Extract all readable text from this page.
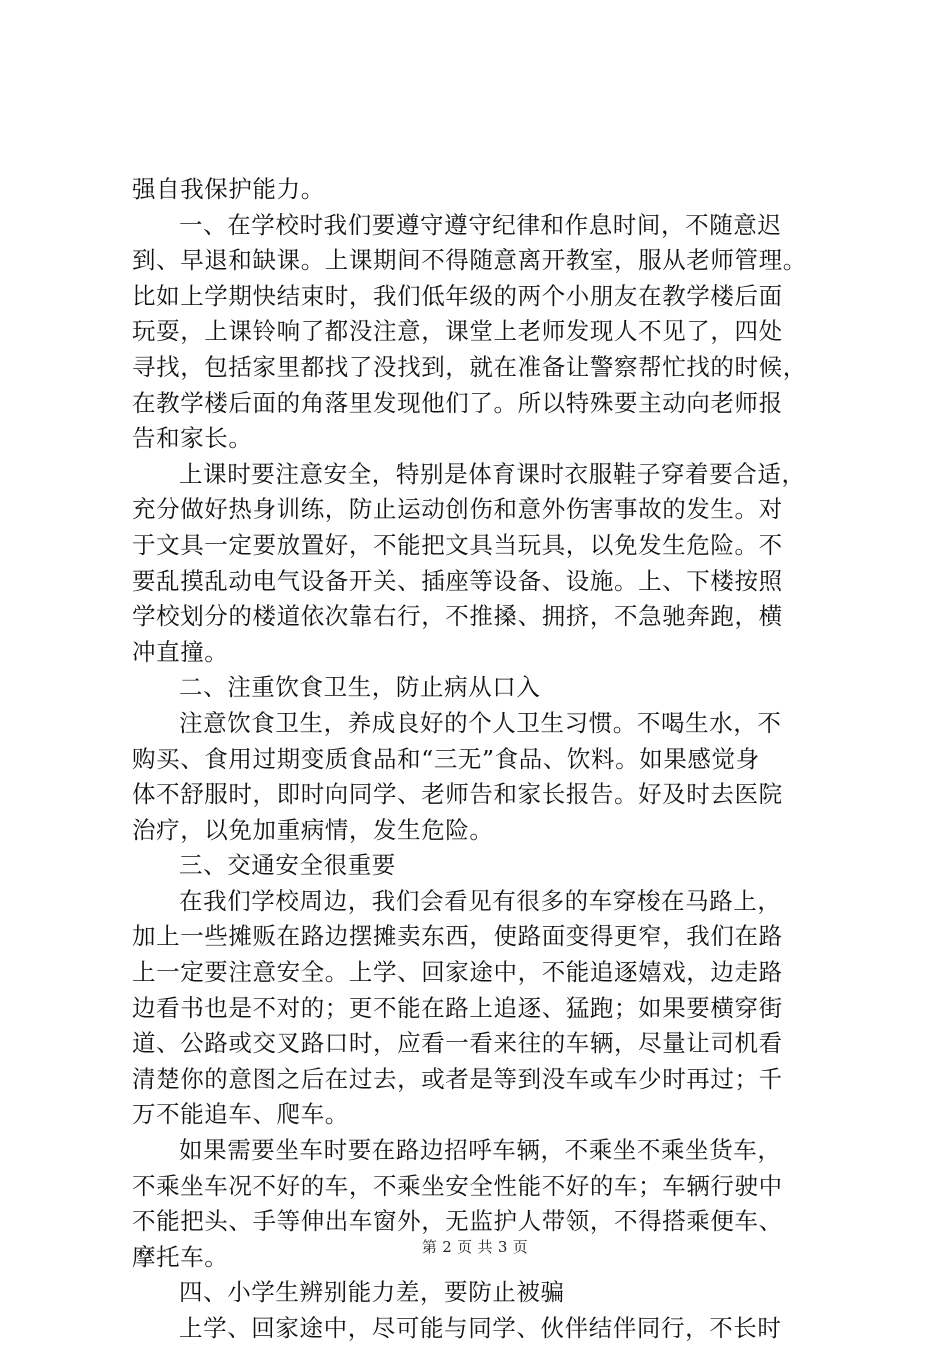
强自我保护能力。
一、在学校时我们要遵守遵守纪律和作息时间，不随意迟
到、早退和缺课。上课期间不得随意离开教室，服从老师管理。
比如上学期快结束时，我们低年级的两个小朋友在教学楼后面
玩耍，上课铃响了都没注意，课堂上老师发现人不见了，四处
寻找，包括家里都找了没找到，就在准备让警察帮忙找的时候，
在教学楼后面的角落里发现他们了。所以特殊要主动向老师报
告和家长。
上课时要注意安全，特别是体育课时衣服鞋子穿着要合适，
充分做好热身训练，防止运动创伤和意外伤害事故的发生。对
于文具一定要放置好，不能把文具当玩具，以免发生危险。不
要乱摸乱动电气设备开关、插座等设备、设施。上、下楼按照
学校划分的楼道依次靠右行，不推搡、拥挤，不急驰奔跑，横
冲直撞。
二、注重饮食卫生，防止病从口入
注意饮食卫生，养成良好的个人卫生习惯。不喝生水，不
购买、食用过期变质食品和“三无”食品、饮料。如果感觉身
体不舒服时，即时向同学、老师告和家长报告。好及时去医院
治疗，以免加重病情，发生危险。
三、交通安全很重要
在我们学校周边，我们会看见有很多的车穿梭在马路上，
加上一些摊贩在路边摆摊卖东西，使路面变得更窄，我们在路
上一定要注意安全。上学、回家途中，不能追逐嬉戏，边走路
边看书也是不对的；更不能在路上追逐、猛跑；如果要横穿街
道、公路或交叉路口时，应看一看来往的车辆，尽量让司机看
清楚你的意图之后在过去，或者是等到没车或车少时再过；千
万不能追车、爬车。
如果需要坐车时要在路边招呼车辆，不乘坐不乘坐货车，
不乘坐车况不好的车，不乘坐安全性能不好的车；车辆行驶中
不能把头、手等伸出车窗外，无监护人带领，不得搭乘便车、
摩托车。
四、小学生辨别能力差，要防止被骗
上学、回家途中，尽可能与同学、伙伴结伴同行，不长时
第 2 页 共 3 页
